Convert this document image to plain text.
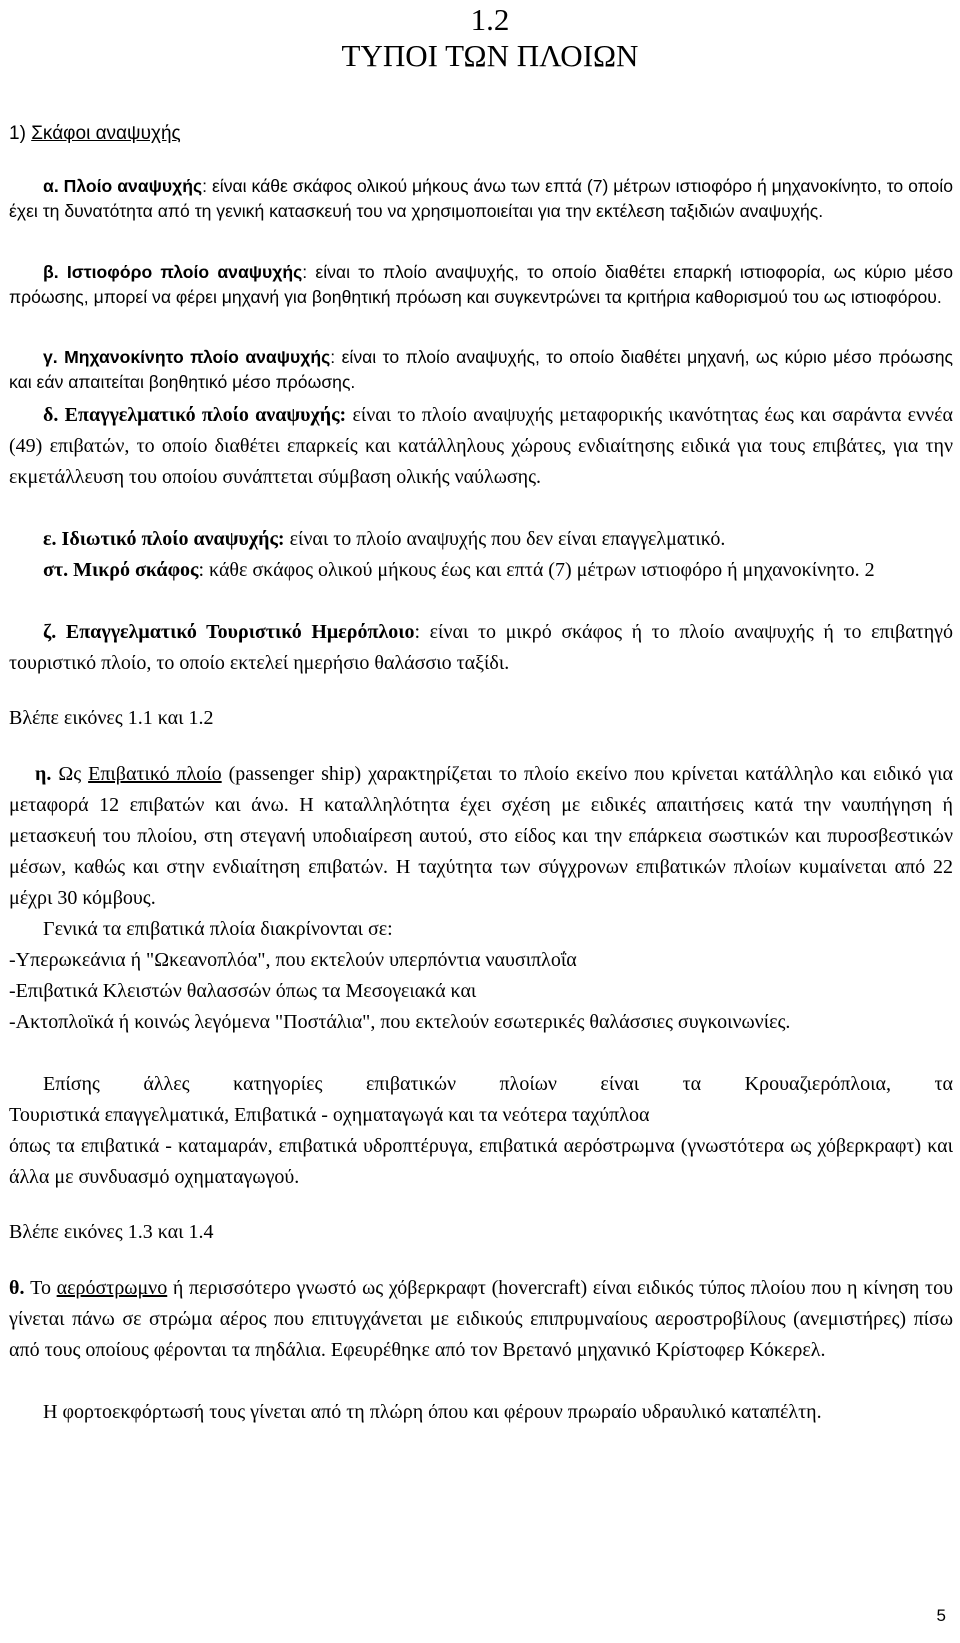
1.2
ΤΥΠΟΙ ΤΩΝ ΠΛΟΙΩΝ
1) Σκάφοι αναψυχής
α. Πλοίο αναψυχής: είναι κάθε σκάφος ολικού μήκους άνω των επτά (7) μέτρων ιστιοφόρο ή μηχανοκίνητο, το οποίο έχει τη δυνατότητα από τη γενική κατασκευή του να χρησιμοποιείται για την εκτέλεση ταξιδιών αναψυχής.
β. Ιστιοφόρο πλοίο αναψυχής: είναι το πλοίο αναψυχής, το οποίο διαθέτει επαρκή ιστιοφορία, ως κύριο μέσο πρόωσης, μπορεί να φέρει μηχανή για βοηθητική πρόωση και συγκεντρώνει τα κριτήρια καθορισμού του ως ιστιοφόρου.
γ. Μηχανοκίνητο πλοίο αναψυχής: είναι το πλοίο αναψυχής, το οποίο διαθέτει μηχανή, ως κύριο μέσο πρόωσης και εάν απαιτείται βοηθητικό μέσο πρόωσης.
δ. Επαγγελματικό πλοίο αναψυχής: είναι το πλοίο αναψυχής μεταφορικής ικανότητας έως και σαράντα εννέα (49) επιβατών, το οποίο διαθέτει επαρκείς και κατάλληλους χώρους ενδιαίτησης ειδικά για τους επιβάτες, για την εκμετάλλευση του οποίου συνάπτεται σύμβαση ολικής ναύλωσης.
ε. Ιδιωτικό πλοίο αναψυχής: είναι το πλοίο αναψυχής που δεν είναι επαγγελματικό.
στ. Μικρό σκάφος: κάθε σκάφος ολικού μήκους έως και επτά (7) μέτρων ιστιοφόρο ή μηχανοκίνητο. 2
ζ. Επαγγελματικό Τουριστικό Ημερόπλοιο: είναι το μικρό σκάφος ή το πλοίο αναψυχής ή το επιβατηγό τουριστικό πλοίο, το οποίο εκτελεί ημερήσιο θαλάσσιο ταξίδι.
Βλέπε εικόνες 1.1 και 1.2
η. Ως Επιβατικό πλοίο (passenger ship) χαρακτηρίζεται το πλοίο εκείνο που κρίνεται κατάλληλο και ειδικό για μεταφορά 12 επιβατών και άνω. Η καταλληλότητα έχει σχέση με ειδικές απαιτήσεις κατά την ναυπήγηση ή μετασκευή του πλοίου, στη στεγανή υποδιαίρεση αυτού, στο είδος και την επάρκεια σωστικών και πυροσβεστικών μέσων, καθώς και στην ενδιαίτηση επιβατών. Η ταχύτητα των σύγχρονων επιβατικών πλοίων κυμαίνεται από 22 μέχρι 30 κόμβους.
Γενικά τα επιβατικά πλοία διακρίνονται σε:
-Υπερωκεάνια ή "Ωκεανοπλόα", που εκτελούν υπερπόντια ναυσιπλοΐα
-Επιβατικά Κλειστών θαλασσών όπως τα Μεσογειακά και
-Ακτοπλοϊκά ή κοινώς λεγόμενα "Ποστάλια", που εκτελούν εσωτερικές θαλάσσιες συγκοινωνίες.
Επίσης άλλες κατηγορίες επιβατικών πλοίων είναι τα Κρουαζιερόπλοια, τα
Τουριστικά επαγγελματικά, Επιβατικά - οχηματαγωγά και τα νεότερα ταχύπλοα
όπως τα επιβατικά - καταμαράν, επιβατικά υδροπτέρυγα, επιβατικά αερόστρωμνα (γνωστότερα ως χόβερκραφτ) και άλλα με συνδυασμό οχηματαγωγού.
Βλέπε εικόνες 1.3 και 1.4
θ. Το αερόστρωμνο ή περισσότερο γνωστό ως χόβερκραφτ (hovercraft) είναι ειδικός τύπος πλοίου που η κίνηση του γίνεται πάνω σε στρώμα αέρος που επιτυγχάνεται με ειδικούς επιπρυμναίους αεροστροβίλους (ανεμιστήρες) πίσω από τους οποίους φέρονται τα πηδάλια. Εφευρέθηκε από τον Βρετανό μηχανικό Κρίστοφερ Κόκερελ.
Η φορτοεκφόρτωσή τους γίνεται από τη πλώρη όπου και φέρουν πρωραίο υδραυλικό καταπέλτη.
5
